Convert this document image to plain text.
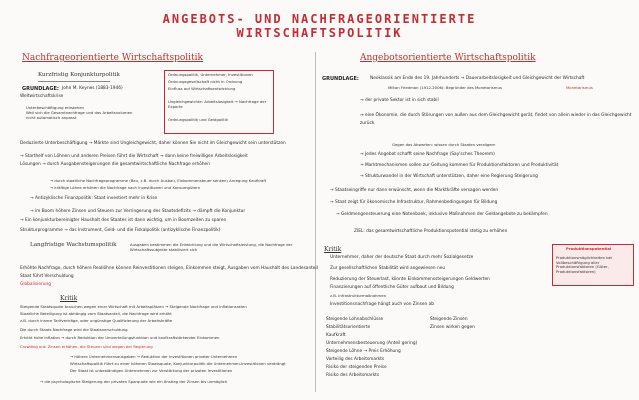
ANGEBOTS- UND NACHFRAGEORIENTIERTE
WIRTSCHAFTSPOLITIK
Nachfrageorientierte Wirtschaftspolitik
Kurzfristig Konjunkturpolitik
GRUNDLAGE: John M. Keynes (1883-1946)
Weltwirtschaftskrise
Unterbeschäftigung entstehen
Weil sich die Gesamtnachfrage und das Arbeitsvolumen nicht automatisch anpasst
Ordnungspolitik, Unternehmer, Investitionen
Ordnungsgesellschaft nicht in Ordnung
Einfluss auf Wirtschaftsentwicklung
Ungleichgewichte: Arbeitslosigkeit → Nachfrage der Exporte
Ordnungspolitik und Geldpolitik
Deduzierte Unterbeschäftigung → Märkte sind Ungleichgewicht, daher können Sie nicht im Gleichgewicht sein unterstützen
→ Starthelf von Löhnen und anderen Preisen führt die Wirtschaft → dann keine freiwilligen Arbeitslosigkeit
Lösungen → durch Ausgabensteigerungen die gesamtwirtschaftliche Nachfrage erhöhen
→ durch staatliche Nachfrageprogramme (Bau, z.B. durch Ausbau, Einkommensteuer senken) Anregung Kaufkraft
→ kräftige Löhne erhöhen die Nachfrage nach Investitionen und Konsumgütern
→ Antizyklische Finanzpolitik: Staat investiert mehr in Krise
→ im Boom höhere Zinsen und Steuern zur Verringerung des Staatsdefizits → dämpft die Konjunktur
→ Ein konjunkturbereinigter Haushalt des Staates ist dann wichtig, um in Boomzeiten zu sparen
Strukturprogramme → das Instrument, Geld- und die Fiskalpolitik (antizyklische Finanzpolitik)
Langfristige Wachstumspolitik	Ausgaben bestimmen die Entwicklung und die Wirtschaftsleistung, die Nachfrage der Wirtschaftssubjekte stabilisiert sich
Erhöhte Nachfrage, durch höhere Reallöhne können Reinvestitionen steigen, Einkommen steigt, Ausgaben vom Haushalt des Landesanteil
Staat führt Verschuldung
Globalisierung
Kritik
Steigende Staatsquote brauchen wegen einer Wirtschaft mit Arbeitsplätzen → Steigende Nachfrage und Inflationsraten
Staatliche Beteiligung ist abhängig vom Staatsanteil, die Nachfrage wird erhöht
z.B. durch innere Tarifverträge, oder ungünstige Qualifizierung der Arbeitskräfte
Die durch Staats Nachfrage wird die Staatsverschuldung
Erhöht hohe Inflation → durch Reduktion der Umverteilungsfunktion und kaufkraftstärkender Einkommen
Crowding out: Zinsen erhöhen, die Steuern sind wegen der Regierung
→ höhere Unternehmensausgaben → Reduktion der Investitionen privater Unternehmen
Wirtschaftspolitik führt zu einer höheren Staatsquote, Konjunkturpolitik die Unternehmen-Investitionen verdrängt
Der Staat ist unbeständigen Unternehmen zur Verstärkung der privaten Investitionen
→ die psychologische Steigerung der privaten Sparquote wie ein Anstieg der Zinsen bis unmöglich
Angebotsorientierte Wirtschaftspolitik
GRUNDLAGE:	Neoklassik am Ende des 19. Jahrhunderts → Dauerarbeitslosigkeit und Gleichgewicht der Wirtschaft
Monetarismus
Milton Friedman (1912-2006): Begründer des Monetarismus
→ der private Sektor ist in sich stabil
→ eine Ökonomie, die durch Störungen von außen aus dem Gleichgewicht gerät, findet von allein wieder in das Gleichgewicht zurück
Gegen das Abwarten: wissen durch Staaten verzögern
→ Jedes Angebot schafft seine Nachfrage (Say'sches Theorem)
→ Marktmechanismen sollen zur Geltung kommen für Produktionsfaktoren und Produktivität
→ Strukturwandel in der Wirtschaft unterstützen, daher eine Regierung Steigerung
→ Staatseingriffe nur dann erwünscht, wenn die Marktkräfte versagen werden
→ Staat zeigt für ökonomische Infrastruktur, Rahmenbedingungen für Bildung
→ Geldmengensteuerung eine Notenbank, inklusive Maßnahmen der Geldangebote zu bekämpfen
ZIEL: das gesamtwirtschaftliche Produktionspotential stetig zu erhöhen
Kritik
Unternehmer, daher der deutsche Staat durch mehr Sozialgesetze
Zur gesellschaftlichen Stabilität wird angewiesen neu
Reduzierung der Steuerlast, könnte Einkommenssteigerungen Geldwerten
Finanzierungen auf öffentliche Güter aufbaut und Bildung
z.B. Infrastrukturmaßnahmen
Investitionsnachfrage hängt auch von Zinsen ab
Produktionspotential
Produktionsmöglichkeiten bei Vollbeschäftigung aller Produktionsfaktoren (Güter, Produktionsfaktoren)
Steigende Lohnabschlüsse
Stabilitätsorientierte
Kaufkraft
Unternehmensbesteuerung (Anteil gering)
Steigende Löhne → Preis Erhöhung
Vorteilig des Arbeitsmarkts
Risiko der steigenden Preise
Risiko des Arbeitsmarkts
Steigende Zinsen
Zinsen wirken gegen
